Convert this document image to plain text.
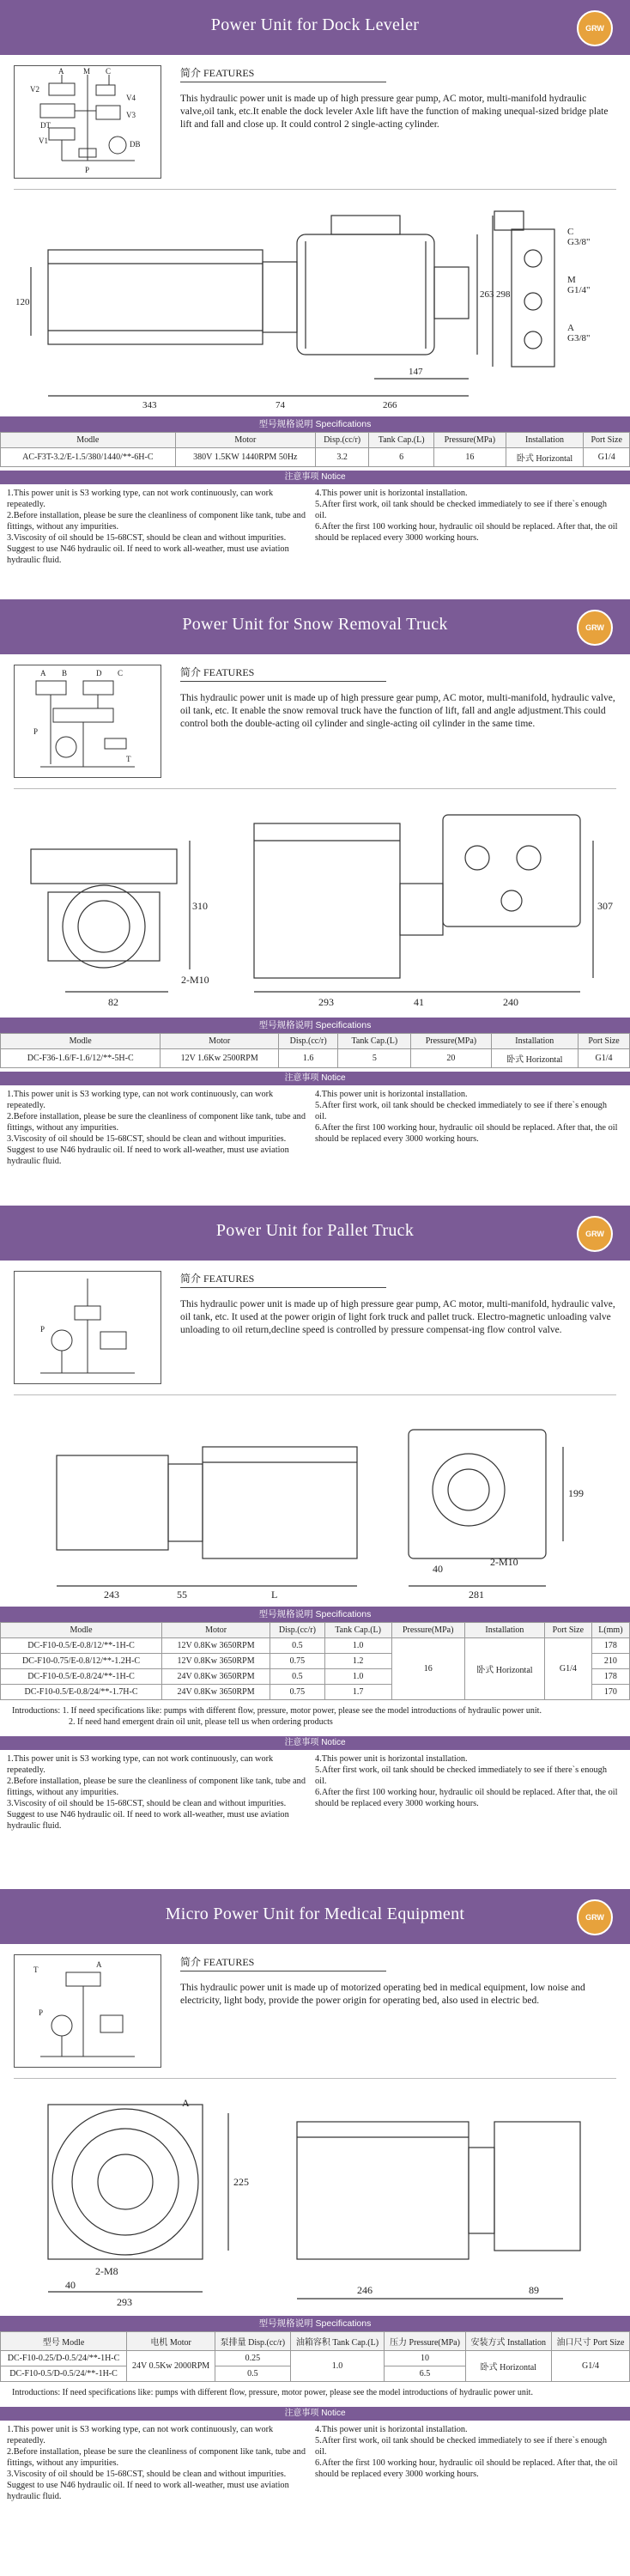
Power Unit for Dock Leveler	GRW
A	M C
V2
V4
V3
DT
V1	DB
P
简介 FEATURES
This hydraulic power unit is made up of high pressure gear pump, AC motor, multi-manifold hydraulic valve,oil tank, etc.It enable the dock leveler Axle lift have the function of making unequal-sized bridge plate lift and fall and close up. It could control 2 single-acting cylinder.
343	74	266
147
263 298
120
C
G3/8"
M
G1/4"
A
G3/8"
型号规格说明 Specifications
Modle	Motor	Disp.(cc/r)	Tank Cap.(L)	Pressure(MPa)	Installation	Port Size
AC-F3T-3.2/E-1.5/380/1440/**-6H-C	380V 1.5KW 1440RPM 50Hz	3.2	6	16	卧式 Horizontal	G1/4
注意事项 Notice
1.This power unit is S3 working type, can not work continuously, can work repeatedly.
2.Before installation, please be sure the cleanliness of component like tank, tube and fittings, without any impurities.
3.Viscosity of oil should be 15-68CST, should be clean and without impurities. Suggest to use N46 hydraulic oil. If need to work all-weather, must use aviation hydraulic fluid.
4.This power unit is horizontal installation.
5.After first work, oil tank should be checked immediately to see if there`s enough oil.
6.After the first 100 working hour, hydraulic oil should be replaced. After that, the oil should be replaced every 3000 working hours.
Power Unit for Snow Removal Truck	GRW
A B	D C
P
T
简介 FEATURES
This hydraulic power unit is made up of high pressure gear pump, AC motor, multi-manifold, hydraulic valve, oil tank, etc. It enable the snow removal truck have the function of lift, fall and angle adjustment.This could control both the double-acting oil cylinder and single-acting oil cylinder in the same time.
82
2-M10
293	41	240
310	307
型号规格说明 Specifications
Modle	Motor	Disp.(cc/r)	Tank Cap.(L)	Pressure(MPa)	Installation	Port Size
DC-F36-1.6/F-1.6/12/**-5H-C	12V 1.6Kw 2500RPM	1.6	5	20	卧式 Horizontal	G1/4
注意事项 Notice
1.This power unit is S3 working type, can not work continuously, can work repeatedly.
2.Before installation, please be sure the cleanliness of component like tank, tube and fittings, without any impurities.
3.Viscosity of oil should be 15-68CST, should be clean and without impurities. Suggest to use N46 hydraulic oil. If need to work all-weather, must use aviation hydraulic fluid.
4.This power unit is horizontal installation.
5.After first work, oil tank should be checked immediately to see if there`s enough oil.
6.After the first 100 working hour, hydraulic oil should be replaced. After that, the oil should be replaced every 3000 working hours.
Power Unit for Pallet Truck	GRW
P
简介 FEATURES
This hydraulic power unit is made up of high pressure gear pump, AC motor, multi-manifold, hydraulic valve, oil tank, etc. It used at the power origin of light fork truck and pallet truck. Electro-magnetic unloading valve unloading to oil return,decline speed is controlled by pressure compensat-ing flow control valve.
243	55	L
40
281
2-M10
199
型号规格说明 Specifications
Modle	Motor	Disp.(cc/r)	Tank Cap.(L)	Pressure(MPa)	Installation	Port Size	L(mm)
DC-F10-0.5/E-0.8/12/**-1H-C	12V 0.8Kw 3650RPM	0.5	1.0	16	卧式 Horizontal	G1/4	178
DC-F10-0.75/E-0.8/12/**-1.2H-C	12V 0.8Kw 3650RPM	0.75	1.2				210
DC-F10-0.5/E-0.8/24/**-1H-C	24V 0.8Kw 3650RPM	0.5	1.0				178
DC-F10-0.5/E-0.8/24/**-1.7H-C	24V 0.8Kw 3650RPM	0.75	1.7				170
Introductions: 1. If need specifications like: pumps with different flow, pressure, motor power, please see the model introductions of hydraulic power unit.
2. If need hand emergent drain oil unit, please tell us when ordering products
注意事项 Notice
1.This power unit is S3 working type, can not work continuously, can work repeatedly.
2.Before installation, please be sure the cleanliness of component like tank, tube and fittings, without any impurities.
3.Viscosity of oil should be 15-68CST, should be clean and without impurities. Suggest to use N46 hydraulic oil. If need to work all-weather, must use aviation hydraulic fluid.
4.This power unit is horizontal installation.
5.After first work, oil tank should be checked immediately to see if there`s enough oil.
6.After the first 100 working hour, hydraulic oil should be replaced. After that, the oil should be replaced every 3000 working hours.
Micro Power Unit for Medical Equipment	GRW
T
A
P
简介 FEATURES
This hydraulic power unit is made up of motorized operating bed in medical equipment, low noise and electricity, light body, provide the power origin for operating bed, also used in electric bed.
2-M8
40
293
246	89
225
A
型号规格说明 Specifications
型号 Modle	电机 Motor	泵排量 Disp.(cc/r)	油箱容积 Tank Cap.(L)	压力 Pressure(MPa)	安装方式 Installation	油口尺寸 Port Size
DC-F10-0.25/D-0.5/24/**-1H-C	24V 0.5Kw 2000RPM	0.25	1.0	10	卧式 Horizontal	G1/4
DC-F10-0.5/D-0.5/24/**-1H-C		0.5		6.5		
Introductions: If need specifications like: pumps with different flow, pressure, motor power, please see the model introductions of hydraulic power unit.
注意事项 Notice
1.This power unit is S3 working type, can not work continuously, can work repeatedly.
2.Before installation, please be sure the cleanliness of component like tank, tube and fittings, without any impurities.
3.Viscosity of oil should be 15-68CST, should be clean and without impurities. Suggest to use N46 hydraulic oil. If need to work all-weather, must use aviation hydraulic fluid.
4.This power unit is horizontal installation.
5.After first work, oil tank should be checked immediately to see if there`s enough oil.
6.After the first 100 working hour, hydraulic oil should be replaced. After that, the oil should be replaced every 3000 working hours.
